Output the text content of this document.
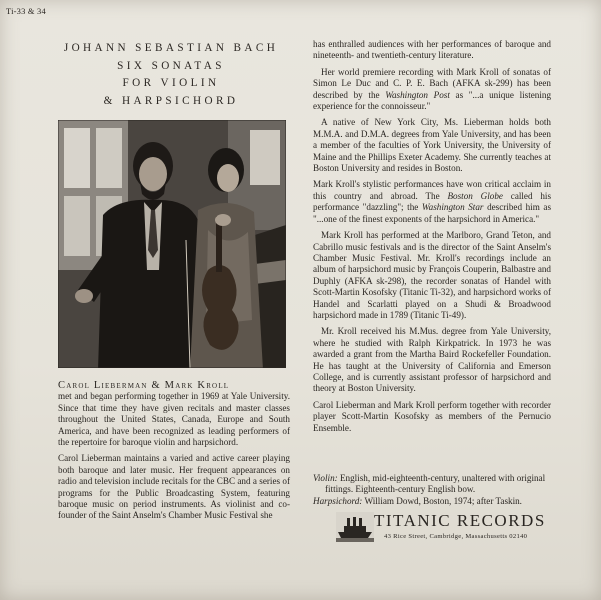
Ti-33 & 34
JOHANN SEBASTIAN BACH
SIX SONATAS
FOR VIOLIN
& HARPSICHORD

Carol Lieberman & Mark Kroll
met and began performing together in 1969 at Yale University. Since that time they have given recitals and master classes throughout the United States, Canada, Europe and South America, and have been recognized as leading performers of the repertoire for baroque violin and harpsichord.

Carol Lieberman maintains a varied and active career playing both baroque and later music. Her frequent appearances on radio and television include recitals for the CBC and a series of programs for the Public Broadcasting System, featuring baroque music on period instruments. As violinist and co-founder of the Saint Anselm's Chamber Music Festival she

has enthralled audiences with her performances of baroque and nineteenth- and twentieth-century literature.

Her world premiere recording with Mark Kroll of sonatas of Simon Le Duc and C. P. E. Bach (AFKA sk-299) has been described by the Washington Post as "...a unique listening experience for the connoisseur."

A native of New York City, Ms. Lieberman holds both M.M.A. and D.M.A. degrees from Yale University, and has been a member of the faculties of York University, the University of Maine and the Phillips Exeter Academy. She currently teaches at Boston University and resides in Boston.

Mark Kroll's stylistic performances have won critical acclaim in this country and abroad. The Boston Globe called his performance "dazzling"; the Washington Star described him as "...one of the finest exponents of the harpsichord in America."

Mark Kroll has performed at the Marlboro, Grand Teton, and Cabrillo music festivals and is the director of the Saint Anselm's Chamber Music Festival. Mr. Kroll's recordings include an album of harpsichord music by François Couperin, Balbastre and Duphly (AFKA sk-298), the recorder sonatas of Handel with Scott-Martin Kosofsky (Titanic Ti-32), and harpsichord works of Handel and Scarlatti played on a Shudi & Broadwood harpsichord made in 1789 (Titanic Ti-49).

Mr. Kroll received his M.Mus. degree from Yale University, where he studied with Ralph Kirkpatrick. In 1973 he was awarded a grant from the Martha Baird Rockefeller Foundation. He has taught at the University of California and Emerson College, and is currently assistant professor of harpsichord and theory at Boston University.

Carol Lieberman and Mark Kroll perform together with recorder player Scott-Martin Kosofsky as members of the Pernucio Ensemble.

Violin: English, mid-eighteenth-century, unaltered with original fittings. Eighteenth-century English bow.
Harpsichord: William Dowd, Boston, 1974; after Taskin.
TITANIC RECORDS
43 Rice Street, Cambridge, Massachusetts 02140
